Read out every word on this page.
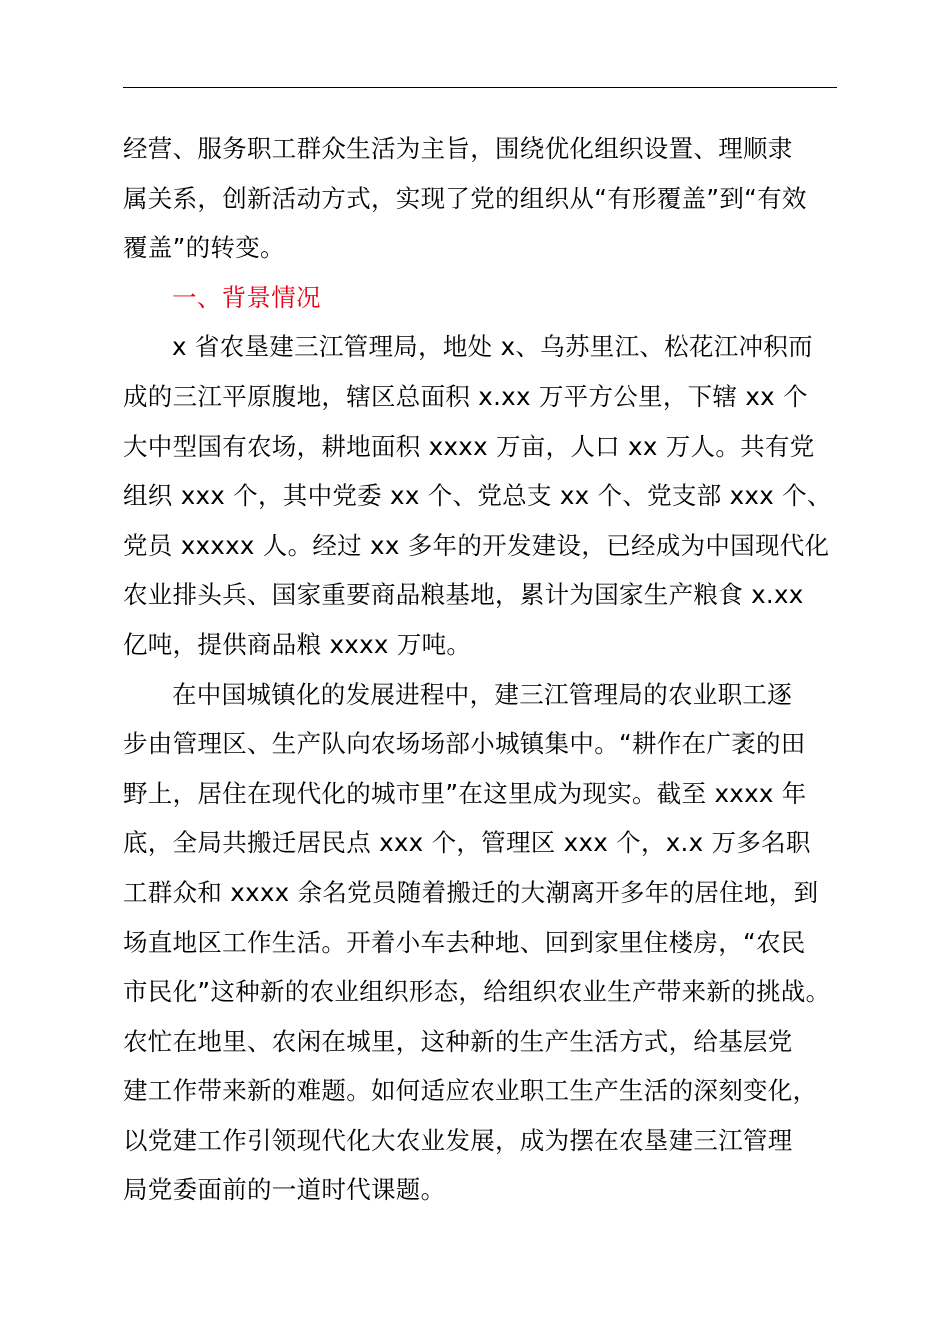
经营、服务职工群众生活为主旨，围绕优化组织设置、理顺隶
属关系，创新活动方式，实现了党的组织从“有形覆盖”到“有效
覆盖”的转变。
一、背景情况
x 省农垦建三江管理局，地处 x、乌苏里江、松花江冲积而
成的三江平原腹地，辖区总面积 x.xx 万平方公里，下辖 xx 个
大中型国有农场，耕地面积 xxxx 万亩，人口 xx 万人。共有党
组织 xxx 个，其中党委 xx 个、党总支 xx 个、党支部 xxx 个、
党员 xxxxx 人。经过 xx 多年的开发建设，已经成为中国现代化
农业排头兵、国家重要商品粮基地，累计为国家生产粮食 x.xx
亿吨，提供商品粮 xxxx 万吨。
在中国城镇化的发展进程中，建三江管理局的农业职工逐
步由管理区、生产队向农场场部小城镇集中。“耕作在广袤的田
野上，居住在现代化的城市里”在这里成为现实。截至 xxxx 年
底，全局共搬迁居民点 xxx 个，管理区 xxx 个，x.x 万多名职
工群众和 xxxx 余名党员随着搬迁的大潮离开多年的居住地，到
场直地区工作生活。开着小车去种地、回到家里住楼房，“农民
市民化”这种新的农业组织形态，给组织农业生产带来新的挑战。
农忙在地里、农闲在城里，这种新的生产生活方式，给基层党
建工作带来新的难题。如何适应农业职工生产生活的深刻变化，
以党建工作引领现代化大农业发展，成为摆在农垦建三江管理
局党委面前的一道时代课题。
